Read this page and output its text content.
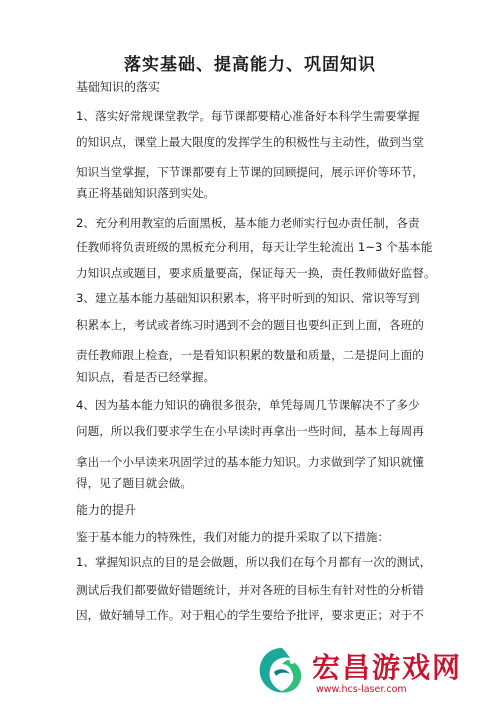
落实基础、提高能力、巩固知识
基础知识的落实
1、落实好常规课堂教学。每节课都要精心准备好本科学生需要掌握
的知识点，课堂上最大限度的发挥学生的积极性与主动性，做到当堂
知识当堂掌握，下节课都要有上节课的回顾提问，展示评价等环节，
真正将基础知识落到实处。
2、充分利用教室的后面黑板，基本能力老师实行包办责任制，各责
任教师将负责班级的黑板充分利用，每天让学生轮流出 1~3 个基本能
力知识点或题目，要求质量要高，保证每天一换，责任教师做好监督。
3、建立基本能力基础知识积累本，将平时听到的知识、常识等写到
积累本上，考试或者练习时遇到不会的题目也要纠正到上面，各班的
责任教师跟上检查，一是看知识积累的数量和质量，二是提问上面的
知识点，看是否已经掌握。
4、因为基本能力知识的确很多很杂，单凭每周几节课解决不了多少
问题，所以我们要求学生在小早读时再拿出一些时间，基本上每周再
拿出一个小早读来巩固学过的基本能力知识。力求做到学了知识就懂
得，见了题目就会做。
能力的提升
鉴于基本能力的特殊性，我们对能力的提升采取了以下措施：
1、掌握知识点的目的是会做题，所以我们在每个月都有一次的测试，
测试后我们都要做好错题统计，并对各班的目标生有针对性的分析错
因，做好辅导工作。对于粗心的学生要给予批评，要求更正；对于不
宏昌游戏网
www.hcs-laser.com
